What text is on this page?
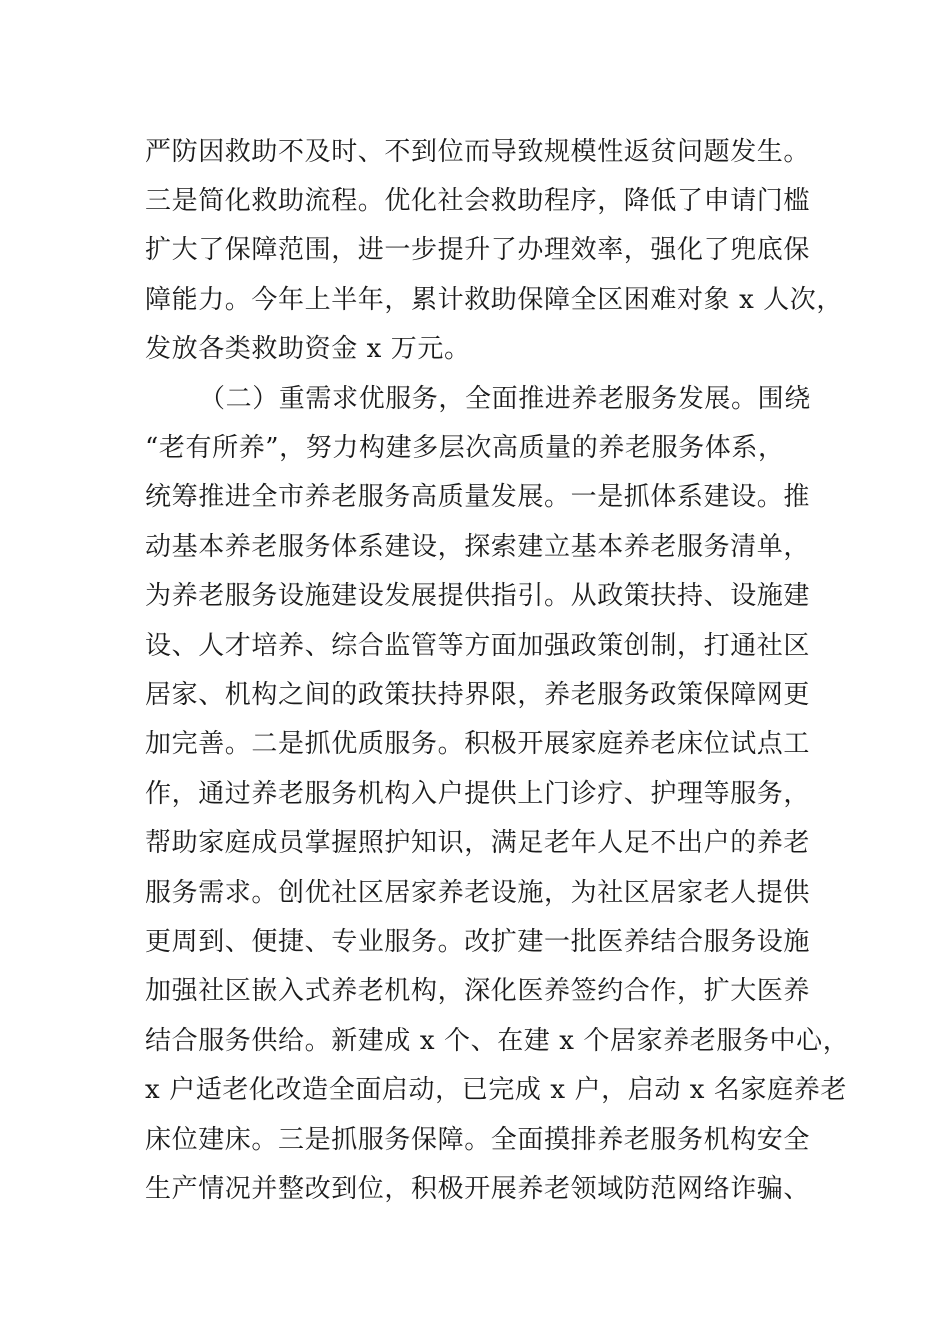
严防因救助不及时、不到位而导致规模性返贫问题发生。
三是简化救助流程。优化社会救助程序，降低了申请门槛
扩大了保障范围，进一步提升了办理效率，强化了兜底保
障能力。今年上半年，累计救助保障全区困难对象 x 人次，
发放各类救助资金 x 万元。
（二）重需求优服务，全面推进养老服务发展。围绕
“老有所养”，努力构建多层次高质量的养老服务体系，
统筹推进全市养老服务高质量发展。一是抓体系建设。推
动基本养老服务体系建设，探索建立基本养老服务清单，
为养老服务设施建设发展提供指引。从政策扶持、设施建
设、人才培养、综合监管等方面加强政策创制，打通社区
居家、机构之间的政策扶持界限，养老服务政策保障网更
加完善。二是抓优质服务。积极开展家庭养老床位试点工
作，通过养老服务机构入户提供上门诊疗、护理等服务，
帮助家庭成员掌握照护知识，满足老年人足不出户的养老
服务需求。创优社区居家养老设施，为社区居家老人提供
更周到、便捷、专业服务。改扩建一批医养结合服务设施
加强社区嵌入式养老机构，深化医养签约合作，扩大医养
结合服务供给。新建成 x 个、在建 x 个居家养老服务中心，
x 户适老化改造全面启动，已完成 x 户，启动 x 名家庭养老
床位建床。三是抓服务保障。全面摸排养老服务机构安全
生产情况并整改到位，积极开展养老领域防范网络诈骗、
